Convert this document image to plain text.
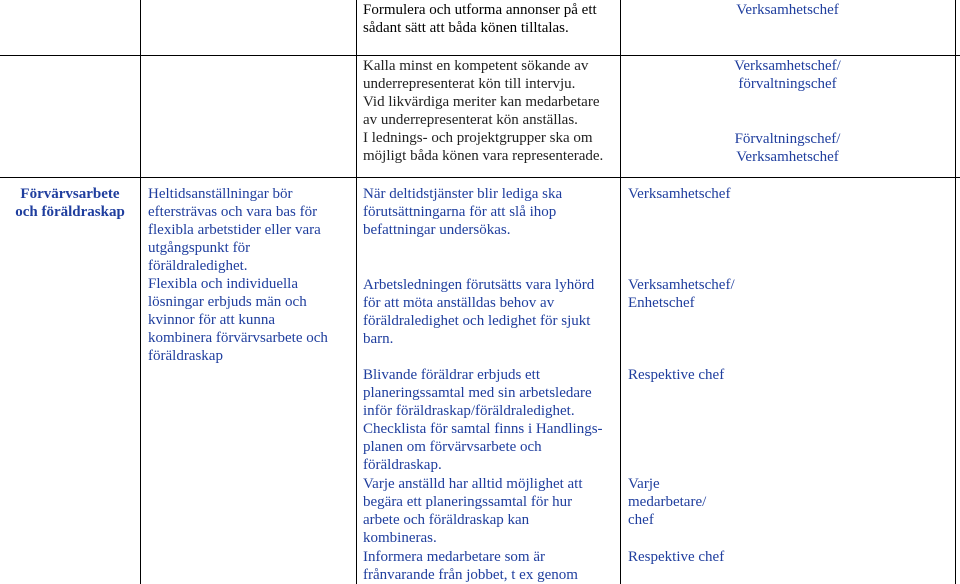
Formulera och utforma annonser på ett

sådant sätt att båda könen tilltalas.

Verksamhetschef

Kalla minst en kompetent sökande av

underrepresenterat kön till intervju.

Vid likvärdiga meriter kan medarbetare

av underrepresenterat kön anställas.

I lednings- och projektgrupper ska om

möjligt båda könen vara representerade.

Verksamhetschef/

förvaltningschef

Förvaltningschef/

Verksamhetschef

Förvärvsarbete

och föräldraskap

Heltidsanställningar bör

eftersträvas och vara bas för

flexibla arbetstider eller vara

utgångspunkt för

föräldraledighet.

Flexibla och individuella

lösningar erbjuds män och

kvinnor för att kunna

kombinera förvärvsarbete och

föräldraskap

När deltidstjänster blir lediga ska

förutsättningarna för att slå ihop

befattningar undersökas.

Arbetsledningen förutsätts vara lyhörd

för att möta anställdas behov av

föräldraledighet och ledighet för sjukt

barn.

Blivande föräldrar erbjuds ett

planeringssamtal med sin arbetsledare

inför föräldraskap/föräldraledighet.

Checklista för samtal finns i Handlings-

planen om förvärvsarbete och

föräldraskap.

Varje anställd har alltid möjlighet att

begära ett planeringssamtal för hur

arbete och föräldraskap kan

kombineras.

Informera medarbetare som är

frånvarande från jobbet, t ex genom

Verksamhetschef

Verksamhetschef/

Enhetschef

Respektive chef

Varje

medarbetare/

chef

Respektive chef
